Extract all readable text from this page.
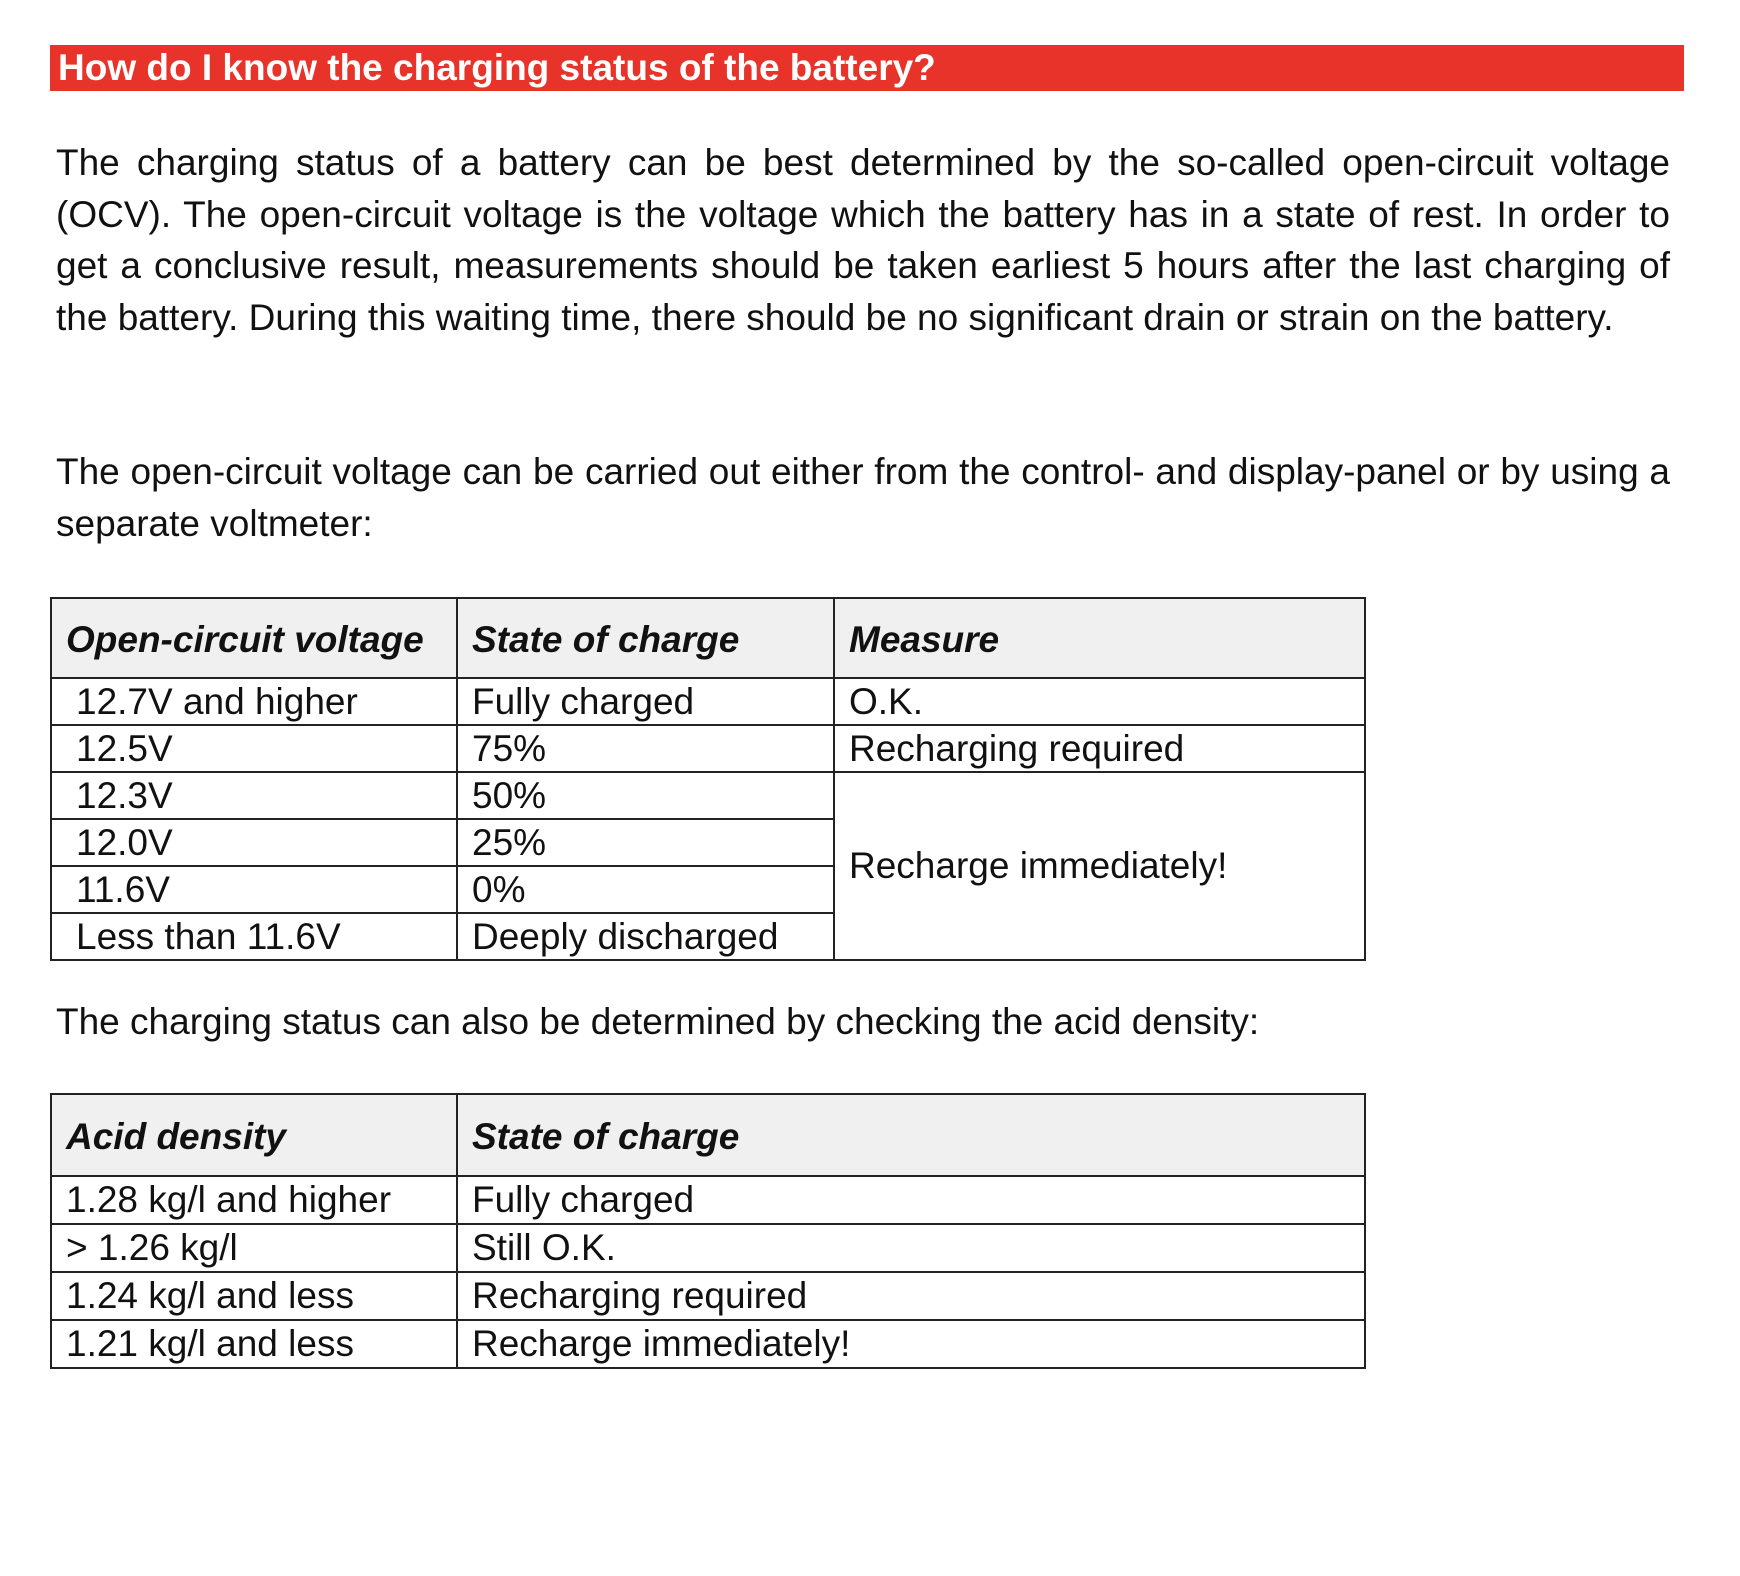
How do I know the charging status of the battery?

The charging status of a battery can be best determined by the so-called open-circuit voltage (OCV). The open-circuit voltage is the voltage which the battery has in a state of rest. In order to get a conclusive result, measurements should be taken earliest 5 hours after the last charging of the battery. During this waiting time, there should be no significant drain or strain on the battery.

The open-circuit voltage can be carried out either from the control- and display-panel or by using a separate voltmeter:

Open-circuit voltage	State of charge	Measure
12.7V and higher	Fully charged	O.K.
12.5V	75%	Recharging required
12.3V	50%	Recharge immediately!
12.0V	25%	
11.6V	0%	
Less than 11.6V	Deeply discharged	

The charging status can also be determined by checking the acid density:

Acid density	State of charge
1.28 kg/l and higher	Fully charged
> 1.26 kg/l	Still O.K.
1.24 kg/l and less	Recharging required
1.21 kg/l and less	Recharge immediately!
